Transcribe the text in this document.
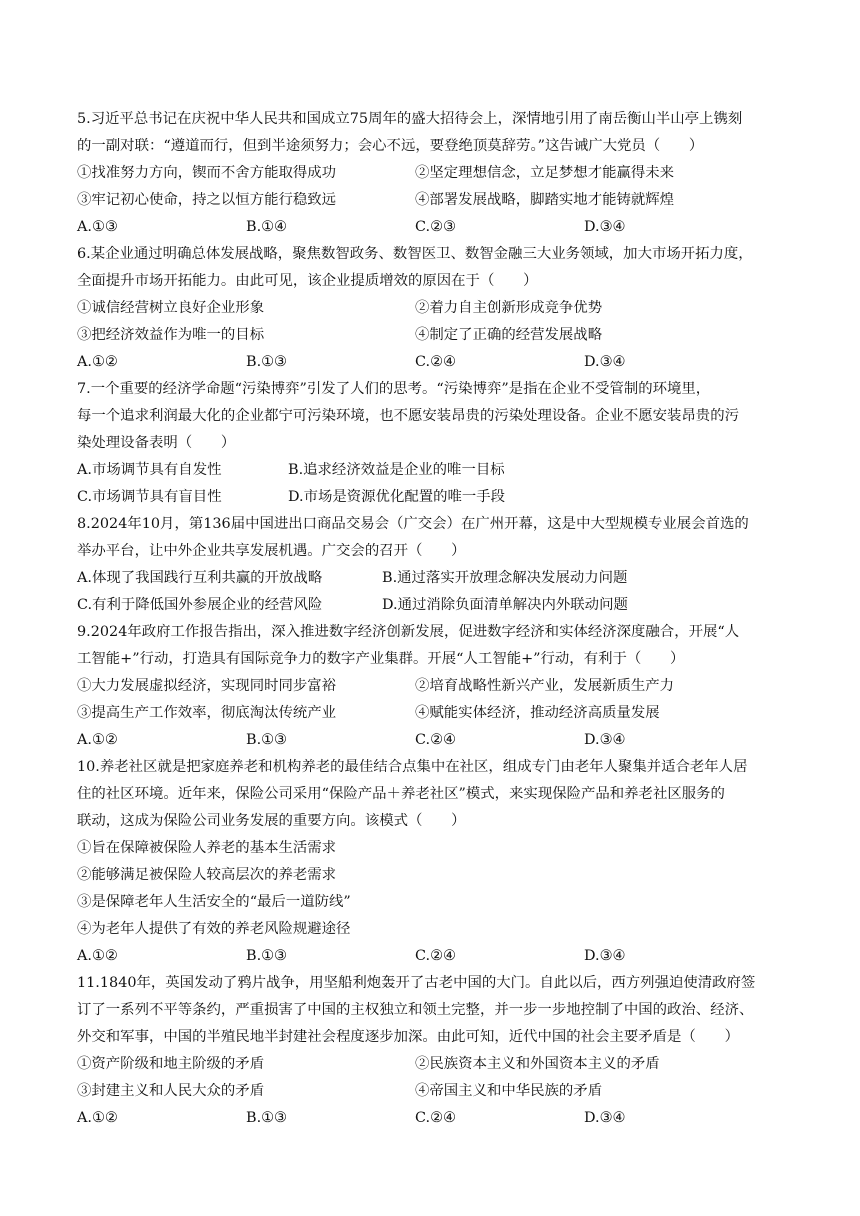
5.习近平总书记在庆祝中华人民共和国成立75周年的盛大招待会上，深情地引用了南岳衡山半山亭上镌刻
的一副对联：“遵道而行，但到半途须努力；会心不远，要登绝顶莫辞劳。”这告诫广大党员（　　）
①找准努力方向，锲而不舍方能取得成功	②坚定理想信念，立足梦想才能赢得未来
③牢记初心使命，持之以恒方能行稳致远	④部署发展战略，脚踏实地才能铸就辉煌
A.①③	B.①④	C.②③	D.③④
6.某企业通过明确总体发展战略，聚焦数智政务、数智医卫、数智金融三大业务领域，加大市场开拓力度，
全面提升市场开拓能力。由此可见，该企业提质增效的原因在于（　　）
①诚信经营树立良好企业形象	②着力自主创新形成竞争优势
③把经济效益作为唯一的目标	④制定了正确的经营发展战略
A.①②	B.①③	C.②④	D.③④
7.一个重要的经济学命题“污染博弈”引发了人们的思考。“污染博弈”是指在企业不受管制的环境里，
每一个追求利润最大化的企业都宁可污染环境，也不愿安装昂贵的污染处理设备。企业不愿安装昂贵的污
染处理设备表明（　　）
A.市场调节具有自发性	B.追求经济效益是企业的唯一目标
C.市场调节具有盲目性	D.市场是资源优化配置的唯一手段
8.2024年10月，第136届中国进出口商品交易会（广交会）在广州开幕，这是中大型规模专业展会首选的
举办平台，让中外企业共享发展机遇。广交会的召开（　　）
A.体现了我国践行互利共赢的开放战略	B.通过落实开放理念解决发展动力问题
C.有利于降低国外参展企业的经营风险	D.通过消除负面清单解决内外联动问题
9.2024年政府工作报告指出，深入推进数字经济创新发展，促进数字经济和实体经济深度融合，开展“人
工智能+”行动，打造具有国际竞争力的数字产业集群。开展“人工智能+”行动，有利于（　　）
①大力发展虚拟经济，实现同时同步富裕	②培育战略性新兴产业，发展新质生产力
③提高生产工作效率，彻底淘汰传统产业	④赋能实体经济，推动经济高质量发展
A.①②	B.①③	C.②④	D.③④
10.养老社区就是把家庭养老和机构养老的最佳结合点集中在社区，组成专门由老年人聚集并适合老年人居
住的社区环境。近年来，保险公司采用“保险产品＋养老社区”模式，来实现保险产品和养老社区服务的
联动，这成为保险公司业务发展的重要方向。该模式（　　）
①旨在保障被保险人养老的基本生活需求
②能够满足被保险人较高层次的养老需求
③是保障老年人生活安全的“最后一道防线”
④为老年人提供了有效的养老风险规避途径
A.①②	B.①③	C.②④	D.③④
11.1840年，英国发动了鸦片战争，用坚船利炮轰开了古老中国的大门。自此以后，西方列强迫使清政府签
订了一系列不平等条约，严重损害了中国的主权独立和领土完整，并一步一步地控制了中国的政治、经济、
外交和军事，中国的半殖民地半封建社会程度逐步加深。由此可知，近代中国的社会主要矛盾是（　　）
①资产阶级和地主阶级的矛盾	②民族资本主义和外国资本主义的矛盾
③封建主义和人民大众的矛盾	④帝国主义和中华民族的矛盾
A.①②	B.①③	C.②④	D.③④
